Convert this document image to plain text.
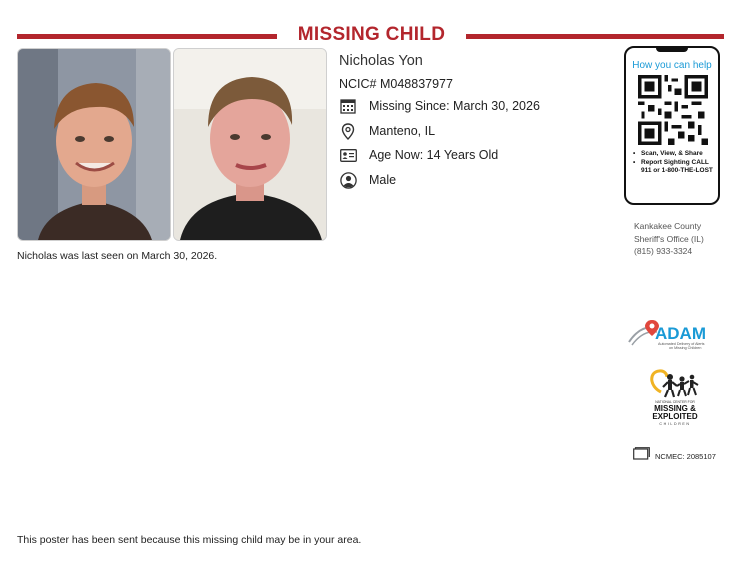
MISSING CHILD
Nicholas Yon
NCIC# M048837977
Missing Since: March 30, 2026
Manteno, IL
Age Now: 14 Years Old
Male
Nicholas was last seen on March 30, 2026.
How you can help
• Scan, View, & Share
• Report Sighting CALL 911 or 1-800-THE-LOST
Kankakee County
Sheriff's Office (IL)
(815) 933-3324
ADAM
Automated Delivery of Alerts
on Missing Children
NATIONAL CENTER FOR
MISSING &
EXPLOITED
CHILDREN
NCMEC: 2085107
This poster has been sent because this missing child may be in your area.
